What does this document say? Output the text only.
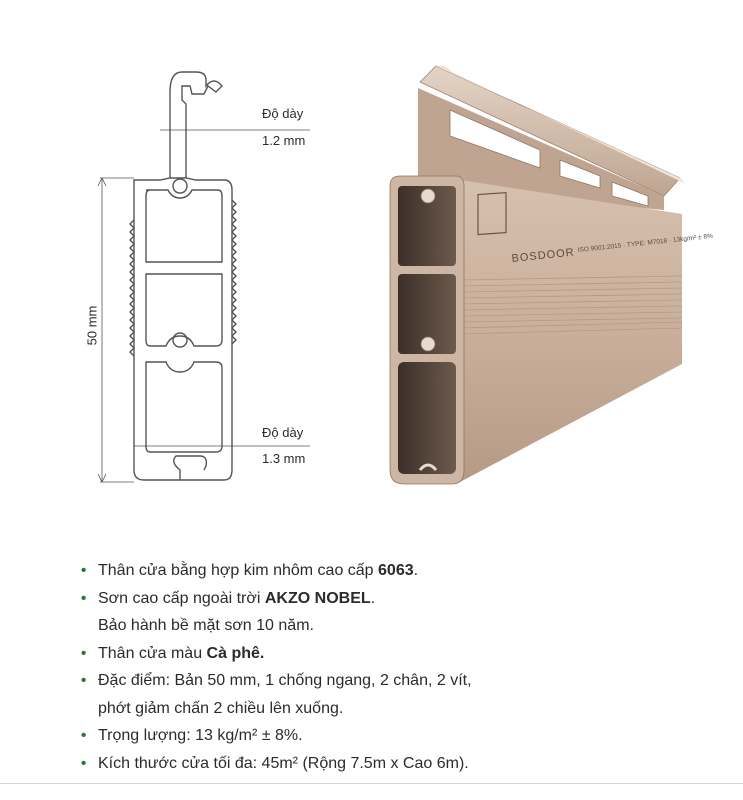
BOSDOOR
ISO 9001:2015 · TYPE: M7018 · 13kg/m² ± 8%
50 mm
Độ dày
1.2 mm
Độ dày
1.3 mm
• Thân cửa bằng hợp kim nhôm cao cấp 6063.
• Sơn cao cấp ngoài trời AKZO NOBEL.
Bảo hành bề mặt sơn 10 năm.
• Thân cửa màu Cà phê.
• Đặc điểm: Bản 50 mm, 1 chống ngang, 2 chân, 2 vít,
phớt giảm chấn 2 chiều lên xuống.
• Trọng lượng: 13 kg/m² ± 8%.
• Kích thước cửa tối đa: 45m² (Rộng 7.5m x Cao 6m).
